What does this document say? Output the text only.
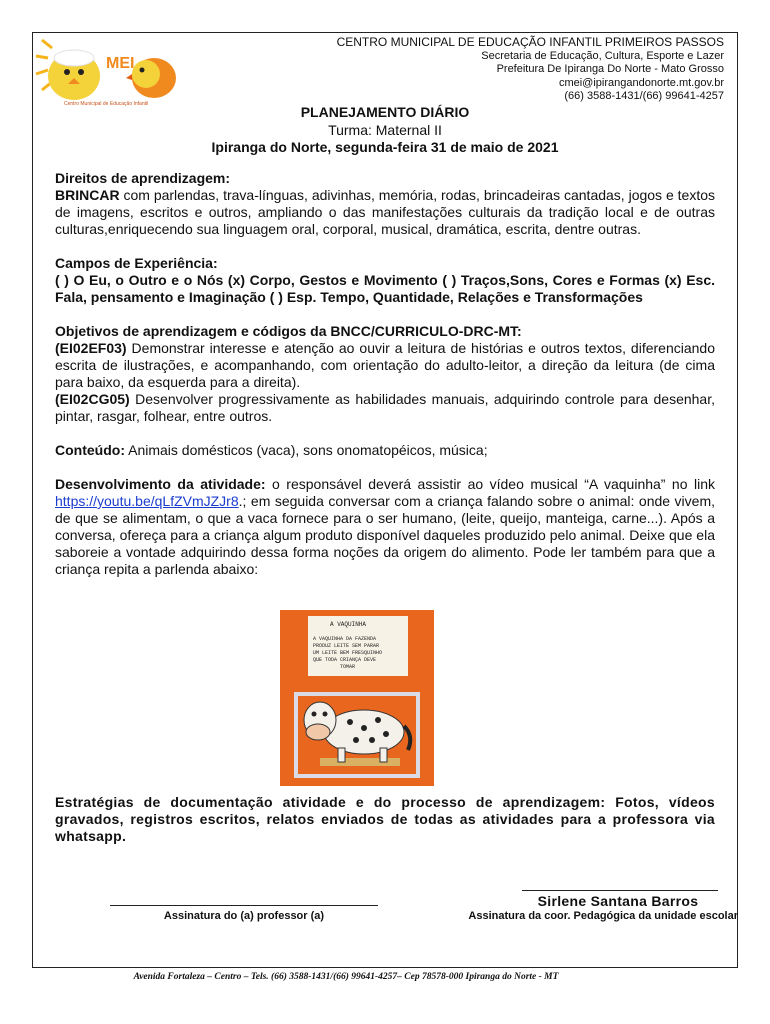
MEI
Centro Municipal de Educação Infantil
CENTRO MUNICIPAL DE EDUCAÇÃO INFANTIL PRIMEIROS PASSOS
Secretaria de Educação, Cultura, Esporte e Lazer
Prefeitura De Ipiranga Do Norte - Mato Grosso
cmei@ipirangandonorte.mt.gov.br
(66) 3588-1431/(66) 99641-4257
PLANEJAMENTO DIÁRIO
Turma: Maternal II
Ipiranga do Norte, segunda-feira 31 de maio de 2021

Direitos de aprendizagem:
BRINCAR com parlendas, trava-línguas, adivinhas, memória, rodas, brincadeiras cantadas, jogos e textos de imagens, escritos e outros, ampliando o das manifestações culturais da tradição local e de outras culturas,enriquecendo sua linguagem oral, corporal, musical, dramática, escrita, dentre outras.

Campos de Experiência:
( ) O Eu, o Outro e o Nós (x) Corpo, Gestos e Movimento ( ) Traços,Sons, Cores e Formas (x) Esc. Fala, pensamento e Imaginação ( ) Esp. Tempo, Quantidade, Relações e Transformações

Objetivos de aprendizagem e códigos da BNCC/CURRICULO-DRC-MT:
(EI02EF03) Demonstrar interesse e atenção ao ouvir a leitura de histórias e outros textos, diferenciando escrita de ilustrações, e acompanhando, com orientação do adulto-leitor, a direção da leitura (de cima para baixo, da esquerda para a direita).
(EI02CG05) Desenvolver progressivamente as habilidades manuais, adquirindo controle para desenhar, pintar, rasgar, folhear, entre outros.

Conteúdo: Animais domésticos (vaca), sons onomatopéicos, música;

Desenvolvimento da atividade: o responsável deverá assistir ao vídeo musical “A vaquinha” no link https://youtu.be/qLfZVmJZJr8.; em seguida conversar com a criança falando sobre o animal: onde vivem, de que se alimentam, o que a vaca fornece para o ser humano, (leite, queijo, manteiga, carne...). Após a conversa, ofereça para a criança algum produto disponível daqueles produzido pelo animal. Deixe que ela saboreie a vontade adquirindo dessa forma noções da origem do alimento. Pode ler também para que a criança repita a parlenda abaixo:

A VAQUINHA
A VAQUINHA DA FAZENDA
PRODUZ LEITE SEM PARAR
UM LEITE BEM FRESQUINHO
QUE TODA CRIANÇA DEVE
TOMAR
Estratégias de documentação atividade e do processo de aprendizagem: Fotos, vídeos gravados, registros escritos, relatos enviados de todas as atividades para a professora via whatsapp.
Assinatura do (a) professor (a)
Sirlene Santana Barros
Assinatura da coor. Pedagógica da unidade escolar
Avenida Fortaleza – Centro – Tels. (66) 3588-1431/(66) 99641-4257– Cep 78578-000 Ipiranga do Norte - MT
